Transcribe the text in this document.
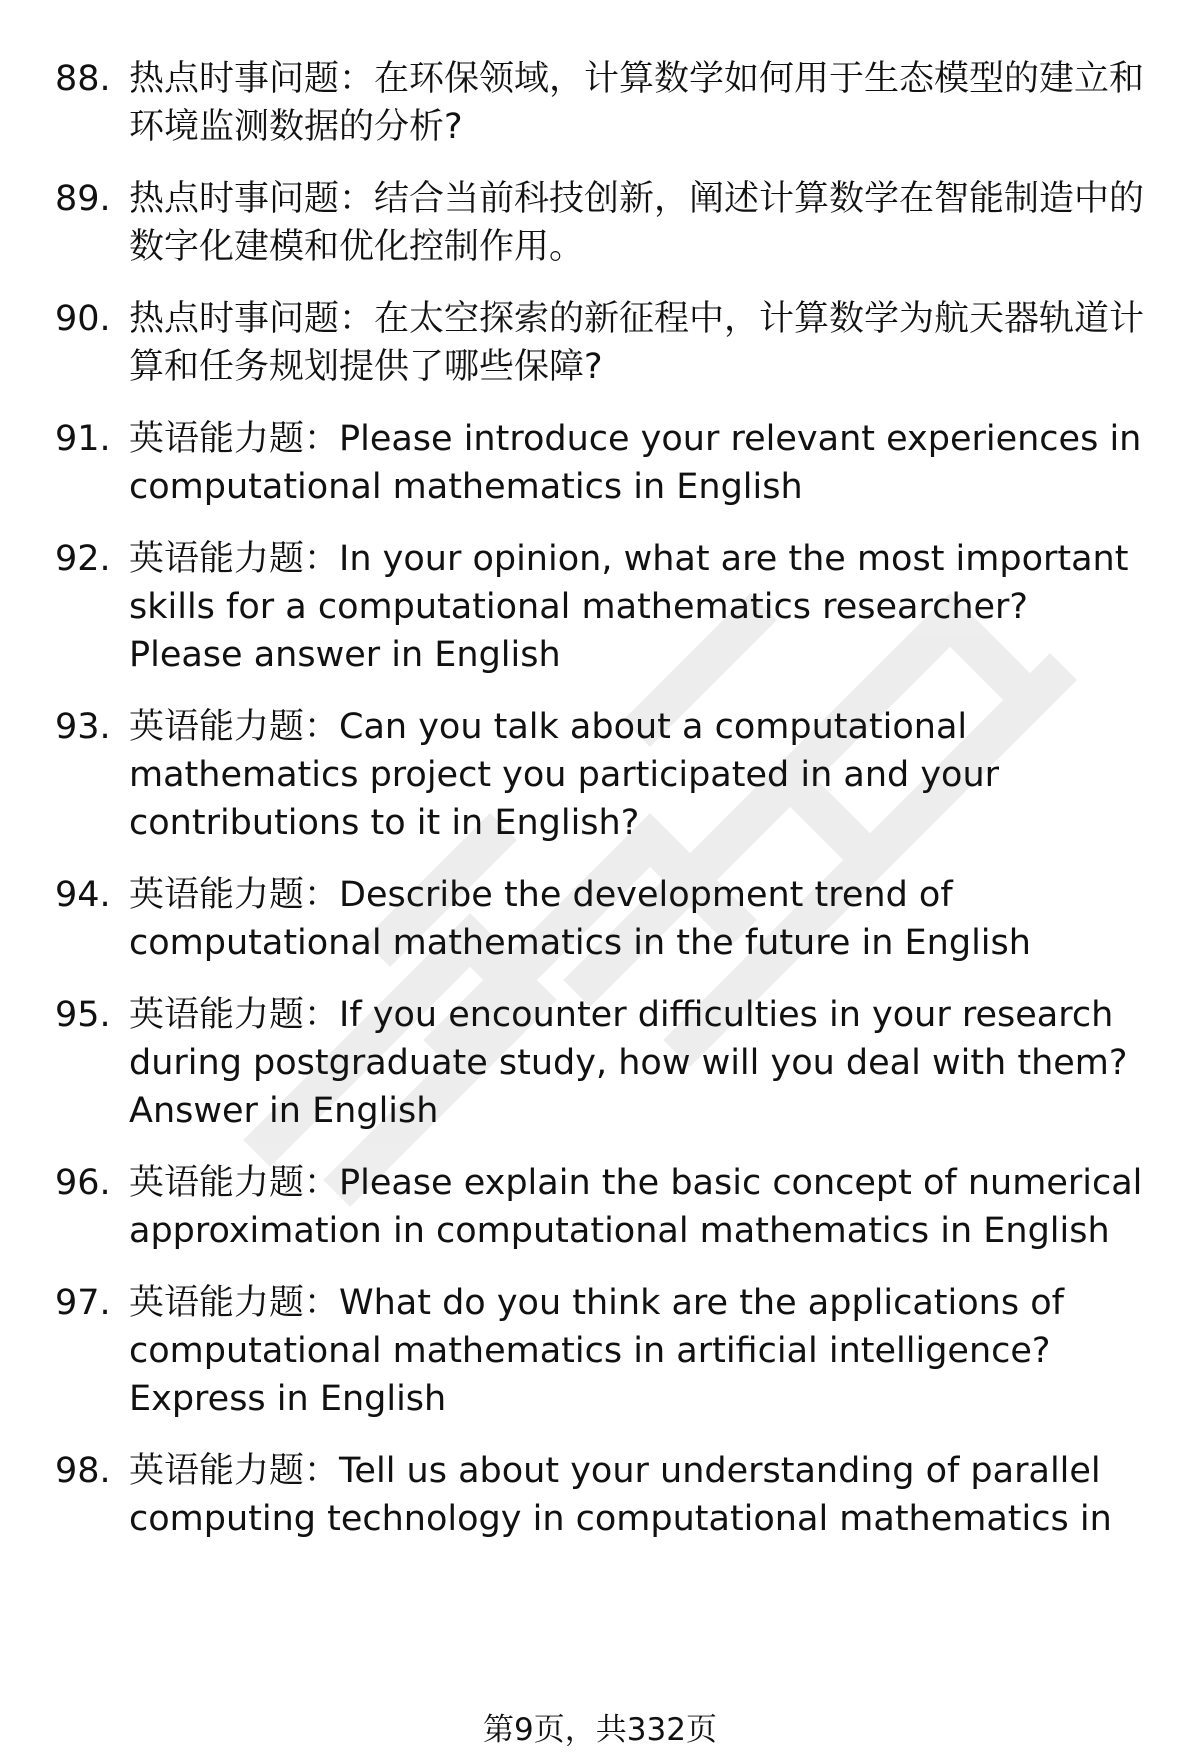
88. 热点时事问题：在环保领域，计算数学如何用于生态模型的建立和环境监测数据的分析?
89. 热点时事问题：结合当前科技创新，阐述计算数学在智能制造中的数字化建模和优化控制作用。
90. 热点时事问题：在太空探索的新征程中，计算数学为航天器轨道计算和任务规划提供了哪些保障?
91. 英语能力题：Please introduce your relevant experiences in computational mathematics in English
92. 英语能力题：In your opinion, what are the most important skills for a computational mathematics researcher? Please answer in English
93. 英语能力题：Can you talk about a computational mathematics project you participated in and your contributions to it in English?
94. 英语能力题：Describe the development trend of computational mathematics in the future in English
95. 英语能力题：If you encounter difficulties in your research during postgraduate study, how will you deal with them? Answer in English
96. 英语能力题：Please explain the basic concept of numerical approximation in computational mathematics in English
97. 英语能力题：What do you think are the applications of computational mathematics in artificial intelligence? Express in English
98. 英语能力题：Tell us about your understanding of parallel computing technology in computational mathematics in
第9页，共332页
